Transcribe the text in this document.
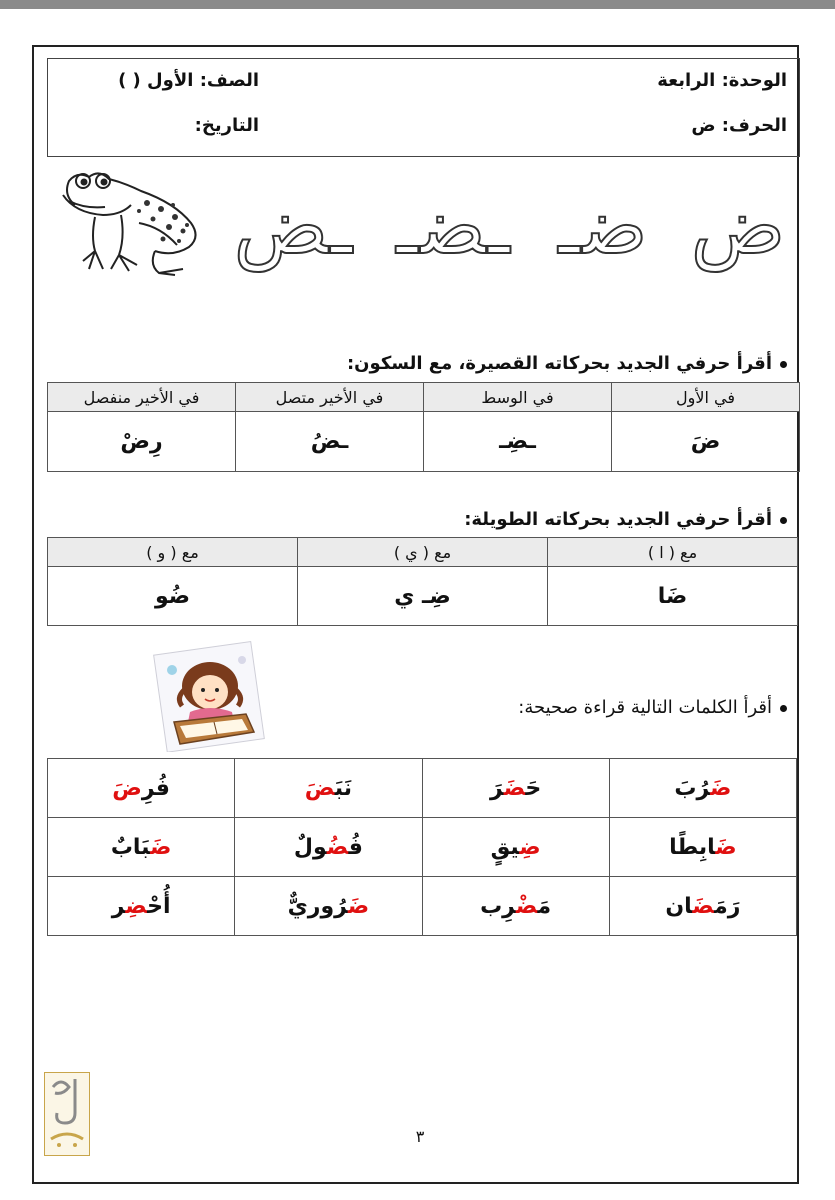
الوحدة: الرابعة
الصف: الأول ( )
الحرف: ض
التاريخ:
ض
ضـ
ـضـ
ـض
أقرأ حرفي الجديد بحركاته القصيرة، مع السكون:
في الأول	في الوسط	في الأخير متصل	في الأخير منفصل
ضَ	ـضِـ	ـضُ	رِضْ
أقرأ حرفي الجديد بحركاته الطويلة:
مع ( ا )	مع ( ي )	مع ( و )
ضَا	ضِـ ي	ضُو
أقرأ الكلمات التالية قراءة صحيحة:
ضَرُبَ	حَضَرَ	نَبَضَ	فُرِضَ
ضَابِطًا	ضِيقٍ	فُضُولٌ	ضَبَابٌ
رَمَضَان	مَضْرِب	ضَرُوريٌّ	أُحْضِر
٣
